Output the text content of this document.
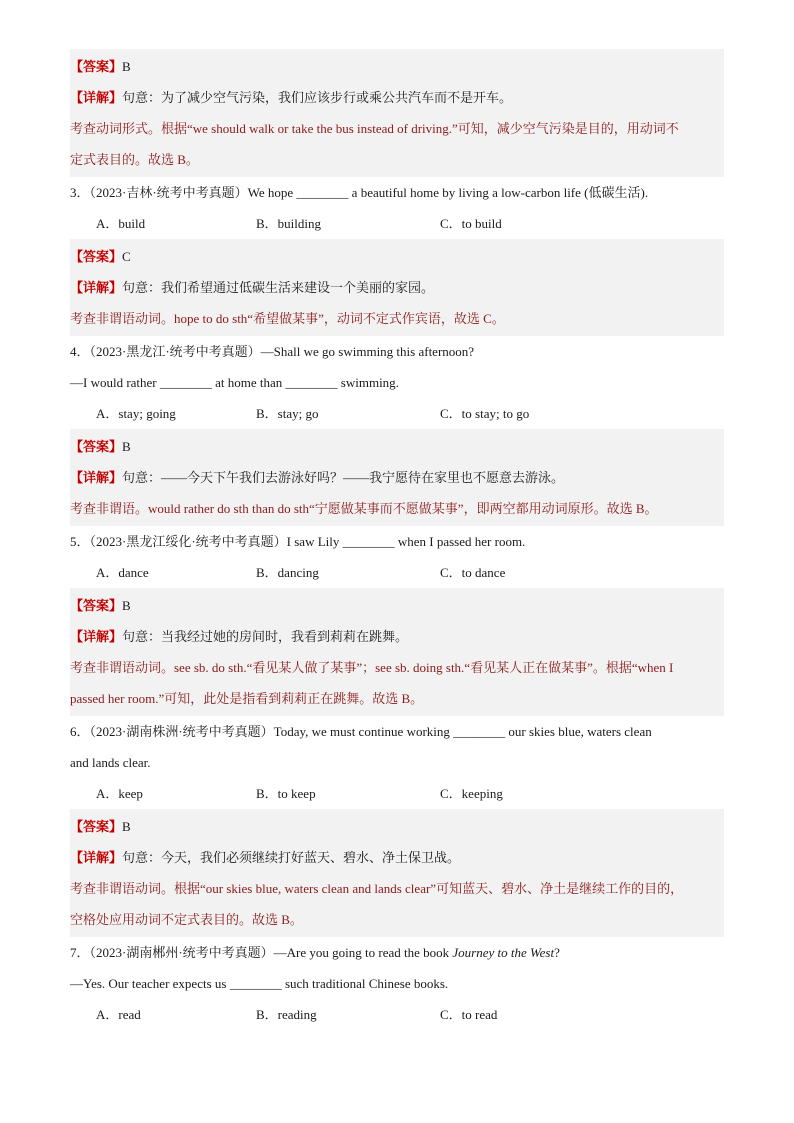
【答案】B
【详解】句意：为了减少空气污染，我们应该步行或乘公共汽车而不是开车。
考查动词形式。根据“we should walk or take the bus instead of driving.”可知，减少空气污染是目的，用动词不
定式表目的。故选 B。
3．（2023·吉林·统考中考真题）We hope ________ a beautiful home by living a low-carbon life (低碳生活).
A．build	B．building	C．to build
【答案】C
【详解】句意：我们希望通过低碳生活来建设一个美丽的家园。
考查非谓语动词。hope to do sth“希望做某事”，动词不定式作宾语，故选 C。
4．（2023·黑龙江·统考中考真题）—Shall we go swimming this afternoon?
—I would rather ________ at home than ________ swimming.
A．stay; going	B．stay; go	C．to stay; to go
【答案】B
【详解】句意：——今天下午我们去游泳好吗？——我宁愿待在家里也不愿意去游泳。
考查非谓语。would rather do sth than do sth“宁愿做某事而不愿做某事”，即两空都用动词原形。故选 B。
5．（2023·黑龙江绥化·统考中考真题）I saw Lily ________ when I passed her room.
A．dance	B．dancing	C．to dance
【答案】B
【详解】句意：当我经过她的房间时，我看到莉莉在跳舞。
考查非谓语动词。see sb. do sth.“看见某人做了某事”；see sb. doing sth.“看见某人正在做某事”。根据“when I
passed her room.”可知，此处是指看到莉莉正在跳舞。故选 B。
6．（2023·湖南株洲·统考中考真题）Today, we must continue working ________ our skies blue, waters clean
and lands clear.
A．keep	B．to keep	C．keeping
【答案】B
【详解】句意：今天，我们必须继续打好蓝天、碧水、净土保卫战。
考查非谓语动词。根据“our skies blue, waters clean and lands clear”可知蓝天、碧水、净土是继续工作的目的，
空格处应用动词不定式表目的。故选 B。
7．（2023·湖南郴州·统考中考真题）—Are you going to read the book Journey to the West?
—Yes. Our teacher expects us ________ such traditional Chinese books.
A．read	B．reading	C．to read
